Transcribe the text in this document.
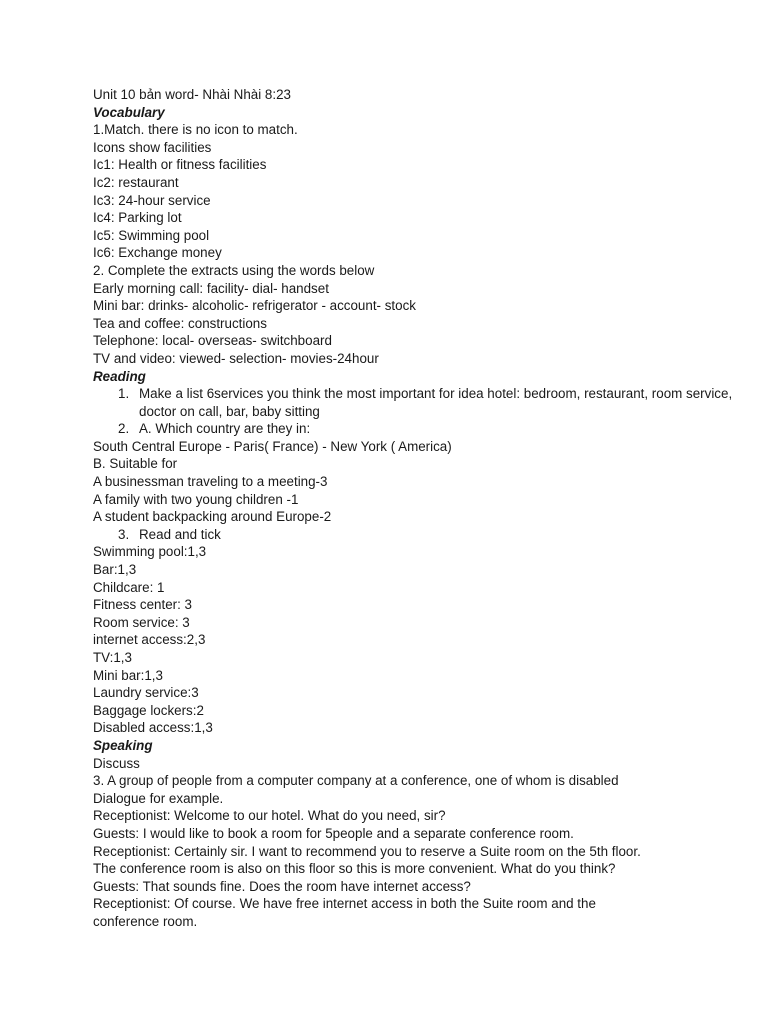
Unit 10 bản word- Nhài Nhài 8:23
Vocabulary
1.Match. there is no icon to match.
Icons show facilities
Ic1: Health or fitness facilities
Ic2: restaurant
Ic3: 24-hour service
Ic4: Parking lot
Ic5: Swimming pool
Ic6: Exchange money
2. Complete the extracts using the words below
Early morning call: facility- dial- handset
Mini bar: drinks- alcoholic- refrigerator - account- stock
Tea and coffee: constructions
Telephone: local- overseas- switchboard
TV and video: viewed- selection- movies-24hour
Reading
1. Make a list 6services you think the most important for idea hotel: bedroom, restaurant, room service, doctor on call, bar, baby sitting
2. A. Which country are they in:
South Central Europe - Paris( France) - New York ( America)
B. Suitable for
A businessman traveling to a meeting-3
A family with two young children -1
A student backpacking around Europe-2
3. Read and tick
Swimming pool:1,3
Bar:1,3
Childcare: 1
Fitness center: 3
Room service: 3
internet access:2,3
TV:1,3
Mini bar:1,3
Laundry service:3
Baggage lockers:2
Disabled access:1,3
Speaking
Discuss
3. A group of people from a computer company at a conference, one of whom is disabled
Dialogue for example.
Receptionist: Welcome to our hotel. What do you need, sir?
Guests: I would like to book a room for 5people and a separate conference room.
Receptionist: Certainly sir. I want to recommend you to reserve a Suite room on the 5th floor.
The conference room is also on this floor so this is more convenient. What do you think?
Guests: That sounds fine. Does the room have internet access?
Receptionist: Of course. We have free internet access in both the Suite room and the
conference room.
